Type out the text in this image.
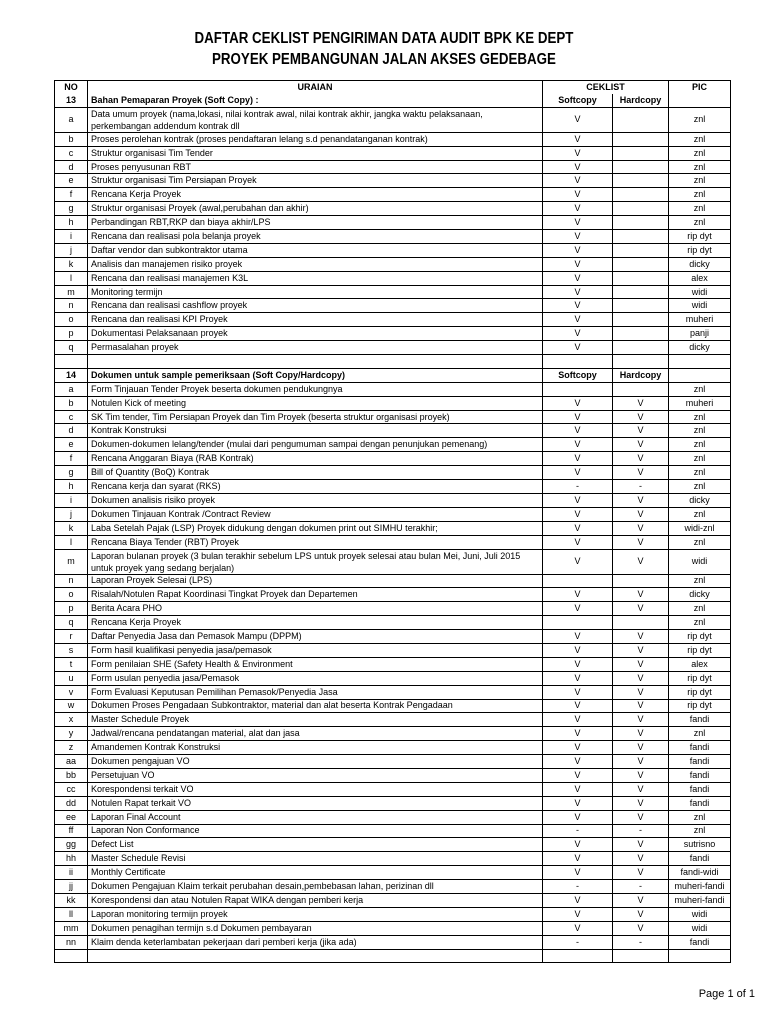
DAFTAR CEKLIST PENGIRIMAN DATA AUDIT BPK KE DEPT
PROYEK PEMBANGUNAN JALAN AKSES GEDEBAGE
NO	URAIAN	CEKLIST		PIC
13	Bahan Pemaparan Proyek (Soft Copy) :	Softcopy	Hardcopy	
a	Data umum proyek (nama,lokasi, nilai kontrak awal, nilai kontrak akhir, jangka waktu pelaksanaan, perkembangan addendum kontrak dll	V		znl
b	Proses perolehan kontrak (proses pendaftaran lelang s.d penandatanganan kontrak)	V		znl
c	Struktur organisasi Tim Tender	V		znl
d	Proses penyusunan RBT	V		znl
e	Struktur organisasi Tim Persiapan Proyek	V		znl
f	Rencana Kerja Proyek	V		znl
g	Struktur organisasi Proyek (awal,perubahan dan akhir)	V		znl
h	Perbandingan RBT,RKP dan biaya akhir/LPS	V		znl
i	Rencana dan realisasi pola belanja proyek	V		rip dyt
j	Daftar vendor dan subkontraktor utama	V		rip dyt
k	Analisis dan manajemen risiko proyek	V		dicky
l	Rencana dan realisasi manajemen K3L	V		alex
m	Monitoring termijn	V		widi
n	Rencana dan realisasi cashflow proyek	V		widi
o	Rencana dan realisasi KPI Proyek	V		muheri
p	Dokumentasi Pelaksanaan proyek	V		panji
q	Permasalahan proyek	V		dicky

14	Dokumen untuk sample pemeriksaan (Soft Copy/Hardcopy)	Softcopy	Hardcopy	
a	Form Tinjauan Tender Proyek beserta dokumen pendukungnya			znl
b	Notulen Kick of meeting	V	V	muheri
c	SK Tim tender, Tim Persiapan Proyek dan Tim Proyek (beserta struktur organisasi proyek)	V	V	znl
d	Kontrak Konstruksi	V	V	znl
e	Dokumen-dokumen lelang/tender (mulai dari pengumuman sampai dengan penunjukan pemenang)	V	V	znl
f	Rencana Anggaran Biaya (RAB Kontrak)	V	V	znl
g	Bill of Quantity (BoQ) Kontrak	V	V	znl
h	Rencana kerja dan syarat (RKS)	-	-	znl
i	Dokumen analisis risiko proyek	V	V	dicky
j	Dokumen Tinjauan Kontrak /Contract Review	V	V	znl
k	Laba Setelah Pajak (LSP) Proyek didukung dengan dokumen print out SIMHU terakhir;	V	V	widi-znl
l	Rencana Biaya Tender (RBT) Proyek	V	V	znl
m	Laporan bulanan proyek (3 bulan terakhir sebelum LPS untuk proyek selesai atau bulan Mei, Juni, Juli 2015 untuk proyek yang sedang berjalan)	V	V	widi
n	Laporan Proyek Selesai (LPS)			znl
o	Risalah/Notulen Rapat Koordinasi Tingkat Proyek dan Departemen	V	V	dicky
p	Berita Acara PHO	V	V	znl
q	Rencana Kerja Proyek			znl
r	Daftar Penyedia Jasa dan Pemasok Mampu (DPPM)	V	V	rip dyt
s	Form hasil kualifikasi penyedia jasa/pemasok	V	V	rip dyt
t	Form penilaian SHE (Safety Health & Environment	V	V	alex
u	Form usulan penyedia jasa/Pemasok	V	V	rip dyt
v	Form Evaluasi Keputusan Pemilihan Pemasok/Penyedia Jasa	V	V	rip dyt
w	Dokumen Proses Pengadaan Subkontraktor, material dan alat beserta Kontrak Pengadaan	V	V	rip dyt
x	Master Schedule Proyek	V	V	fandi
y	Jadwal/rencana pendatangan material, alat dan jasa	V	V	znl
z	Amandemen Kontrak Konstruksi	V	V	fandi
aa	Dokumen pengajuan VO	V	V	fandi
bb	Persetujuan VO	V	V	fandi
cc	Korespondensi terkait VO	V	V	fandi
dd	Notulen Rapat terkait VO	V	V	fandi
ee	Laporan Final Account	V	V	znl
ff	Laporan Non Conformance	-	-	znl
gg	Defect List	V	V	sutrisno
hh	Master Schedule Revisi	V	V	fandi
ii	Monthly Certificate	V	V	fandi-widi
jj	Dokumen Pengajuan Klaim terkait perubahan desain,pembebasan lahan, perizinan dll	-	-	muheri-fandi
kk	Korespondensi dan atau Notulen Rapat WIKA dengan pemberi kerja	V	V	muheri-fandi
ll	Laporan monitoring termijn proyek	V	V	widi
mm	Dokumen penagihan termijn s.d Dokumen pembayaran	V	V	widi
nn	Klaim denda keterlambatan pekerjaan dari pemberi kerja (jika ada)	-	-	fandi

Page 1 of 1
